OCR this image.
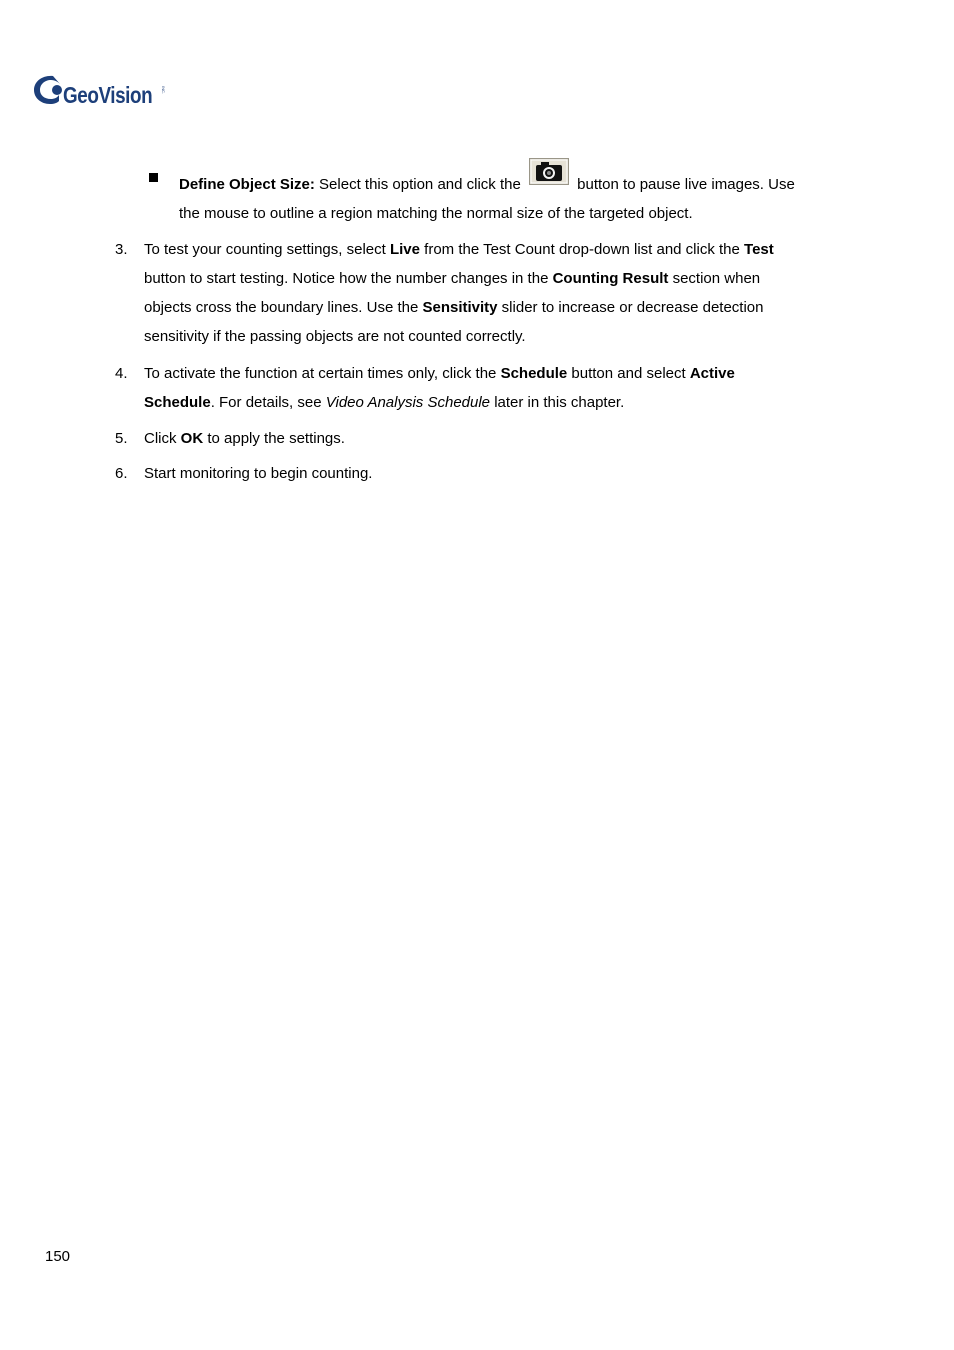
GeoVision INC.
Define Object Size: Select this option and click the	button to pause live images. Use
the mouse to outline a region matching the normal size of the targeted object.
3. To test your counting settings, select Live from the Test Count drop-down list and click the Test
button to start testing. Notice how the number changes in the Counting Result section when
objects cross the boundary lines. Use the Sensitivity slider to increase or decrease detection
sensitivity if the passing objects are not counted correctly.
4. To activate the function at certain times only, click the Schedule button and select Active
Schedule. For details, see Video Analysis Schedule later in this chapter.
5. Click OK to apply the settings.
6. Start monitoring to begin counting.
150
